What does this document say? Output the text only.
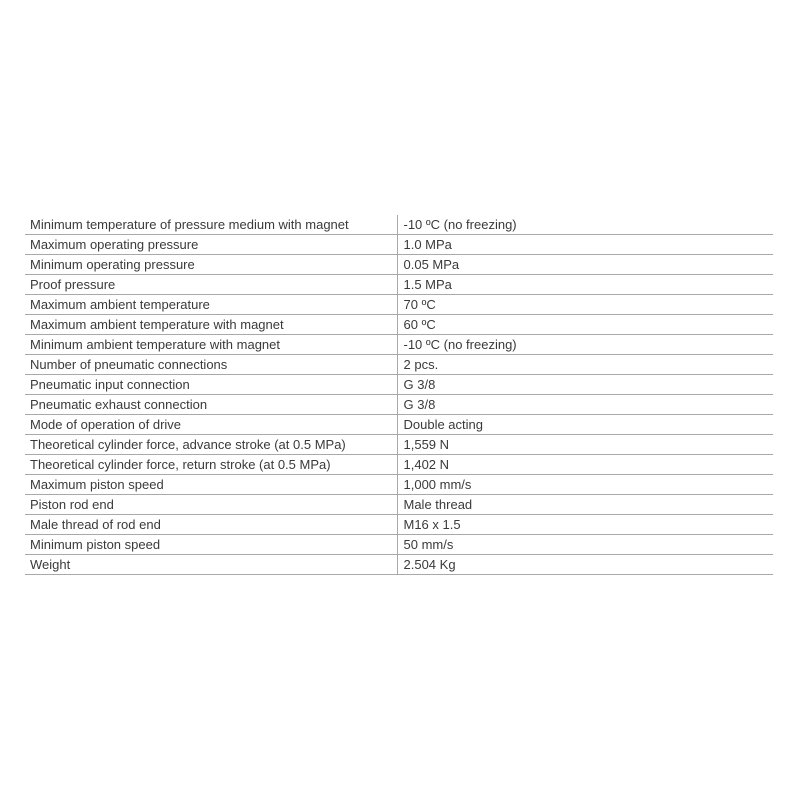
Minimum temperature of pressure medium with magnet	-10 ºC (no freezing)
Maximum operating pressure	1.0 MPa
Minimum operating pressure	0.05 MPa
Proof pressure	1.5 MPa
Maximum ambient temperature	70 ºC
Maximum ambient temperature with magnet	60 ºC
Minimum ambient temperature with magnet	-10 ºC (no freezing)
Number of pneumatic connections	2 pcs.
Pneumatic input connection	G 3/8
Pneumatic exhaust connection	G 3/8
Mode of operation of drive	Double acting
Theoretical cylinder force, advance stroke (at 0.5 MPa)	1,559 N
Theoretical cylinder force, return stroke (at 0.5 MPa)	1,402 N
Maximum piston speed	1,000 mm/s
Piston rod end	Male thread
Male thread of rod end	M16 x 1.5
Minimum piston speed	50 mm/s
Weight	2.504 Kg
